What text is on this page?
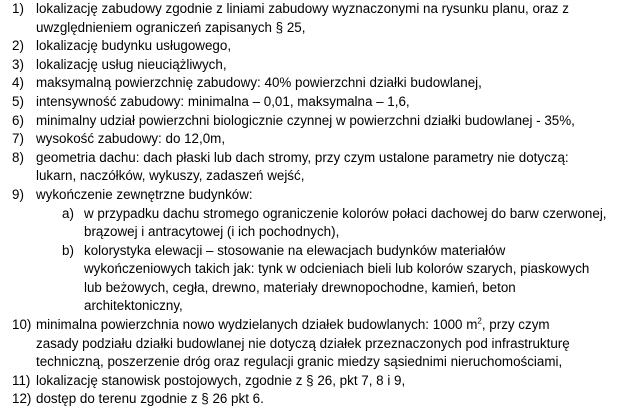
1) lokalizację zabudowy zgodnie z liniami zabudowy wyznaczonymi na rysunku planu, oraz z
uwzględnieniem ograniczeń zapisanych § 25,
2) lokalizację budynku usługowego,
3) lokalizację usług nieuciążliwych,
4) maksymalną powierzchnię zabudowy: 40% powierzchni działki budowlanej,
5) intensywność zabudowy: minimalna – 0,01, maksymalna – 1,6,
6) minimalny udział powierzchni biologicznie czynnej w powierzchni działki budowlanej - 35%,
7) wysokość zabudowy: do 12,0m,
8) geometria dachu: dach płaski lub dach stromy, przy czym ustalone parametry nie dotyczą:
lukarn, naczółków, wykuszy, zadaszeń wejść,
9) wykończenie zewnętrzne budynków:
a) w przypadku dachu stromego ograniczenie kolorów połaci dachowej do barw czerwonej,
brązowej i antracytowej (i ich pochodnych),
b) kolorystyka elewacji – stosowanie na elewacjach budynków materiałów
wykończeniowych takich jak: tynk w odcieniach bieli lub kolorów szarych, piaskowych
lub beżowych, cegła, drewno, materiały drewnopochodne, kamień, beton
architektoniczny,
10) minimalna powierzchnia nowo wydzielanych działek budowlanych: 1000 $m^2$, przy czym
zasady podziału działki budowlanej nie dotyczą działek przeznaczonych pod infrastrukturę
techniczną, poszerzenie dróg oraz regulacji granic miedzy sąsiednimi nieruchomościami,
11) lokalizację stanowisk postojowych, zgodnie z § 26, pkt 7, 8 i 9,
12) dostęp do terenu zgodnie z § 26 pkt 6.
